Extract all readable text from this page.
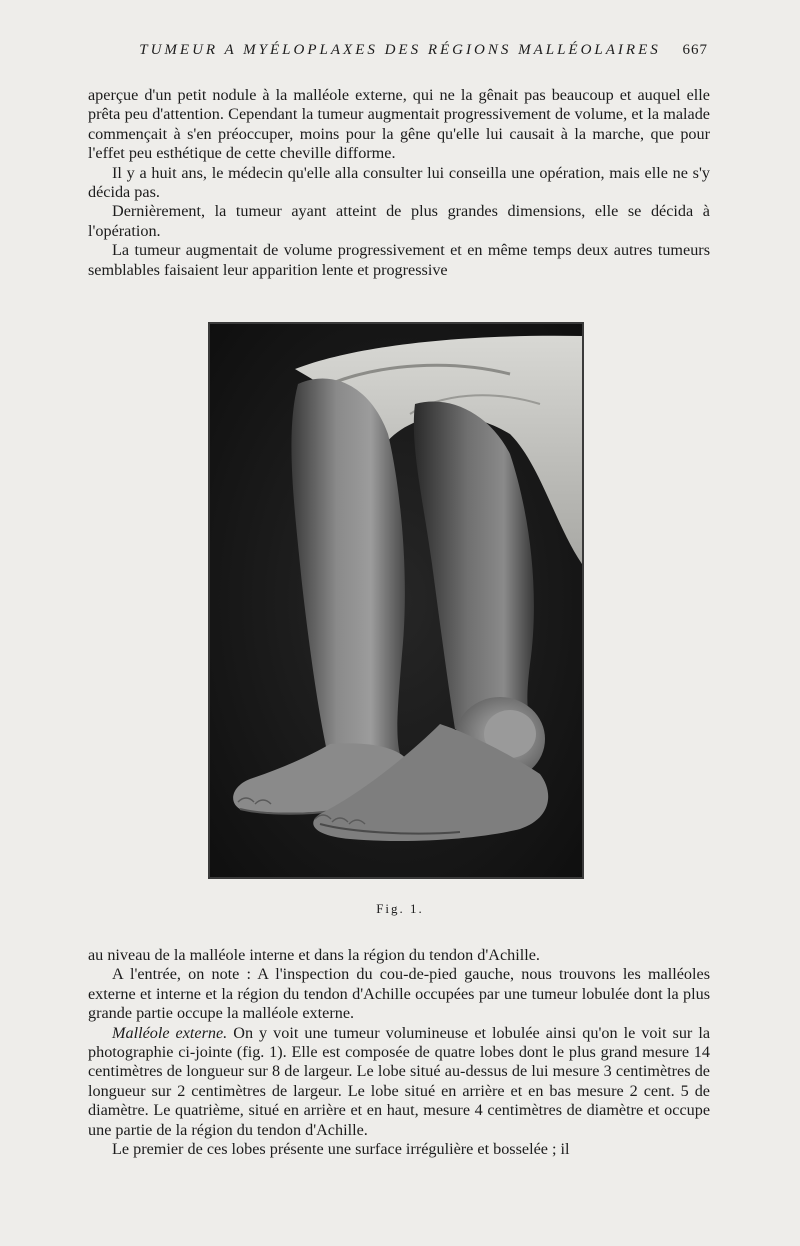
TUMEUR A MYÉLOPLAXES DES RÉGIONS MALLÉOLAIRES	667

aperçue d'un petit nodule à la malléole externe, qui ne la gênait pas beaucoup et auquel elle prêta peu d'attention. Cependant la tumeur augmentait progressivement de volume, et la malade commençait à s'en préoccuper, moins pour la gêne qu'elle lui causait à la marche, que pour l'effet peu esthétique de cette cheville difforme.

Il y a huit ans, le médecin qu'elle alla consulter lui conseilla une opération, mais elle ne s'y décida pas.

Dernièrement, la tumeur ayant atteint de plus grandes dimensions, elle se décida à l'opération.

La tumeur augmentait de volume progressivement et en même temps deux autres tumeurs semblables faisaient leur apparition lente et progressive

Fig. 1.

au niveau de la malléole interne et dans la région du tendon d'Achille.

A l'entrée, on note : A l'inspection du cou-de-pied gauche, nous trouvons les malléoles externe et interne et la région du tendon d'Achille occupées par une tumeur lobulée dont la plus grande partie occupe la malléole externe.

Malléole externe. On y voit une tumeur volumineuse et lobulée ainsi qu'on le voit sur la photographie ci-jointe (fig. 1). Elle est composée de quatre lobes dont le plus grand mesure 14 centimètres de longueur sur 8 de largeur. Le lobe situé au-dessus de lui mesure 3 centimètres de longueur sur 2 centimètres de largeur. Le lobe situé en arrière et en bas mesure 2 cent. 5 de diamètre. Le quatrième, situé en arrière et en haut, mesure 4 centimètres de diamètre et occupe une partie de la région du tendon d'Achille.

Le premier de ces lobes présente une surface irrégulière et bosselée ; il
